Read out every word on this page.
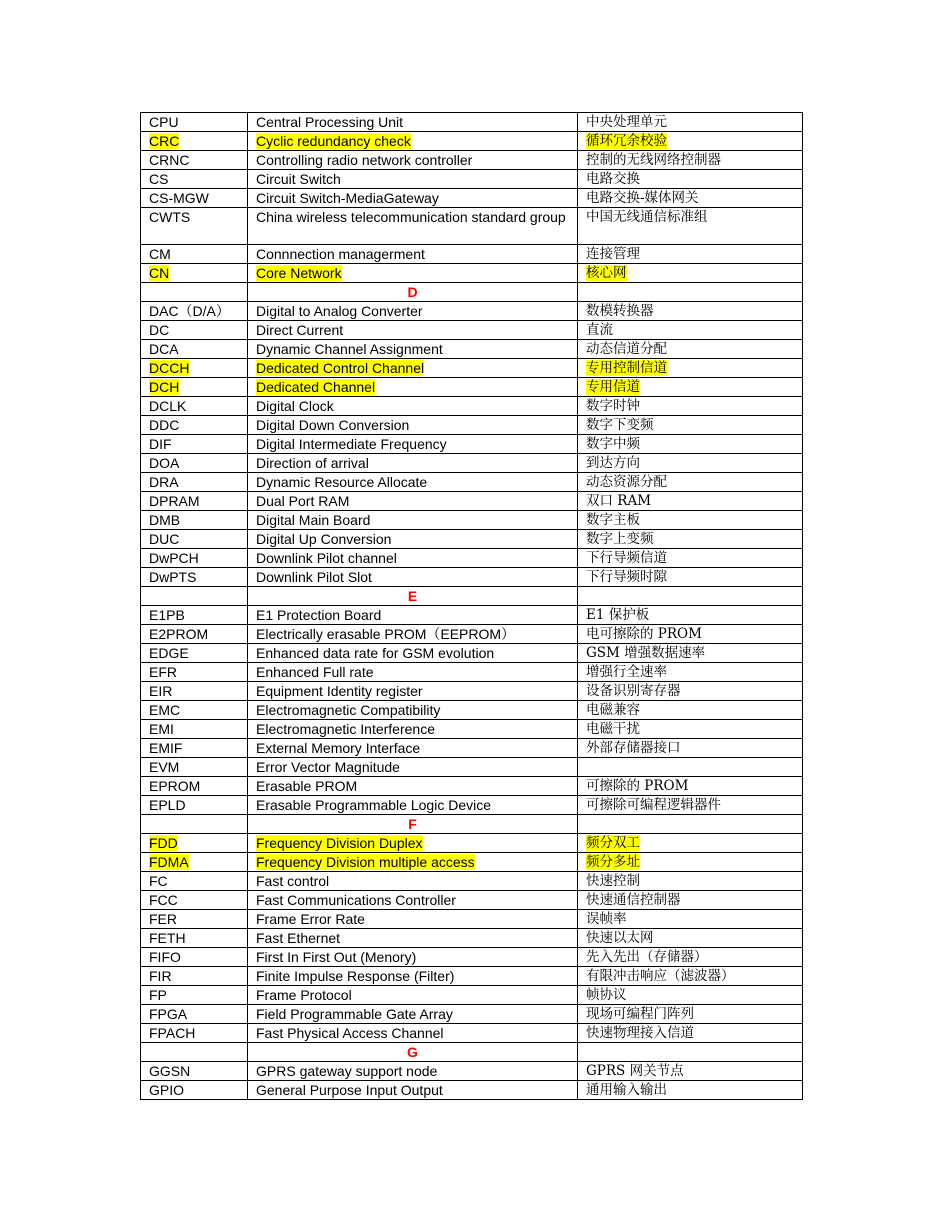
CPU	Central Processing Unit	中央处理单元
CRC	Cyclic redundancy check	循环冗余校验
CRNC	Controlling radio network controller	控制的无线网络控制器
CS	Circuit Switch	电路交换
CS-MGW	Circuit Switch-MediaGateway	电路交换-媒体网关
CWTS	China wireless telecommunication standard group	中国无线通信标准组
CM	Connnection managerment	连接管理
CN	Core Network	核心网
	D	
DAC（D/A）	Digital to Analog Converter	数模转换器
DC	Direct Current	直流
DCA	Dynamic Channel Assignment	动态信道分配
DCCH	Dedicated Control Channel	专用控制信道
DCH	Dedicated Channel	专用信道
DCLK	Digital Clock	数字时钟
DDC	Digital Down Conversion	数字下变频
DIF	Digital Intermediate Frequency	数字中频
DOA	Direction of arrival	到达方向
DRA	Dynamic Resource Allocate	动态资源分配
DPRAM	Dual Port RAM	双口 RAM
DMB	Digital Main Board	数字主板
DUC	Digital Up Conversion	数字上变频
DwPCH	Downlink Pilot channel	下行导频信道
DwPTS	Downlink Pilot Slot	下行导频时隙
	E	
E1PB	E1 Protection Board	E1 保护板
E2PROM	Electrically erasable PROM（EEPROM）	电可擦除的 PROM
EDGE	Enhanced data rate for GSM evolution	GSM 增强数据速率
EFR	Enhanced Full rate	增强行全速率
EIR	Equipment Identity register	设备识别寄存器
EMC	Electromagnetic Compatibility	电磁兼容
EMI	Electromagnetic Interference	电磁干扰
EMIF	External Memory Interface	外部存储器接口
EVM	Error Vector Magnitude	
EPROM	Erasable PROM	可擦除的 PROM
EPLD	Erasable Programmable Logic Device	可擦除可编程逻辑器件
	F	
FDD	Frequency Division Duplex	频分双工
FDMA	Frequency Division multiple access	频分多址
FC	Fast control	快速控制
FCC	Fast Communications Controller	快速通信控制器
FER	Frame Error Rate	误帧率
FETH	Fast Ethernet	快速以太网
FIFO	First In First Out (Menory)	先入先出（存储器）
FIR	Finite Impulse Response (Filter)	有限冲击响应（滤波器）
FP	Frame Protocol	帧协议
FPGA	Field Programmable Gate Array	现场可编程门阵列
FPACH	Fast Physical Access Channel	快速物理接入信道
	G	
GGSN	GPRS gateway support node	GPRS 网关节点
GPIO	General Purpose Input Output	通用输入输出
